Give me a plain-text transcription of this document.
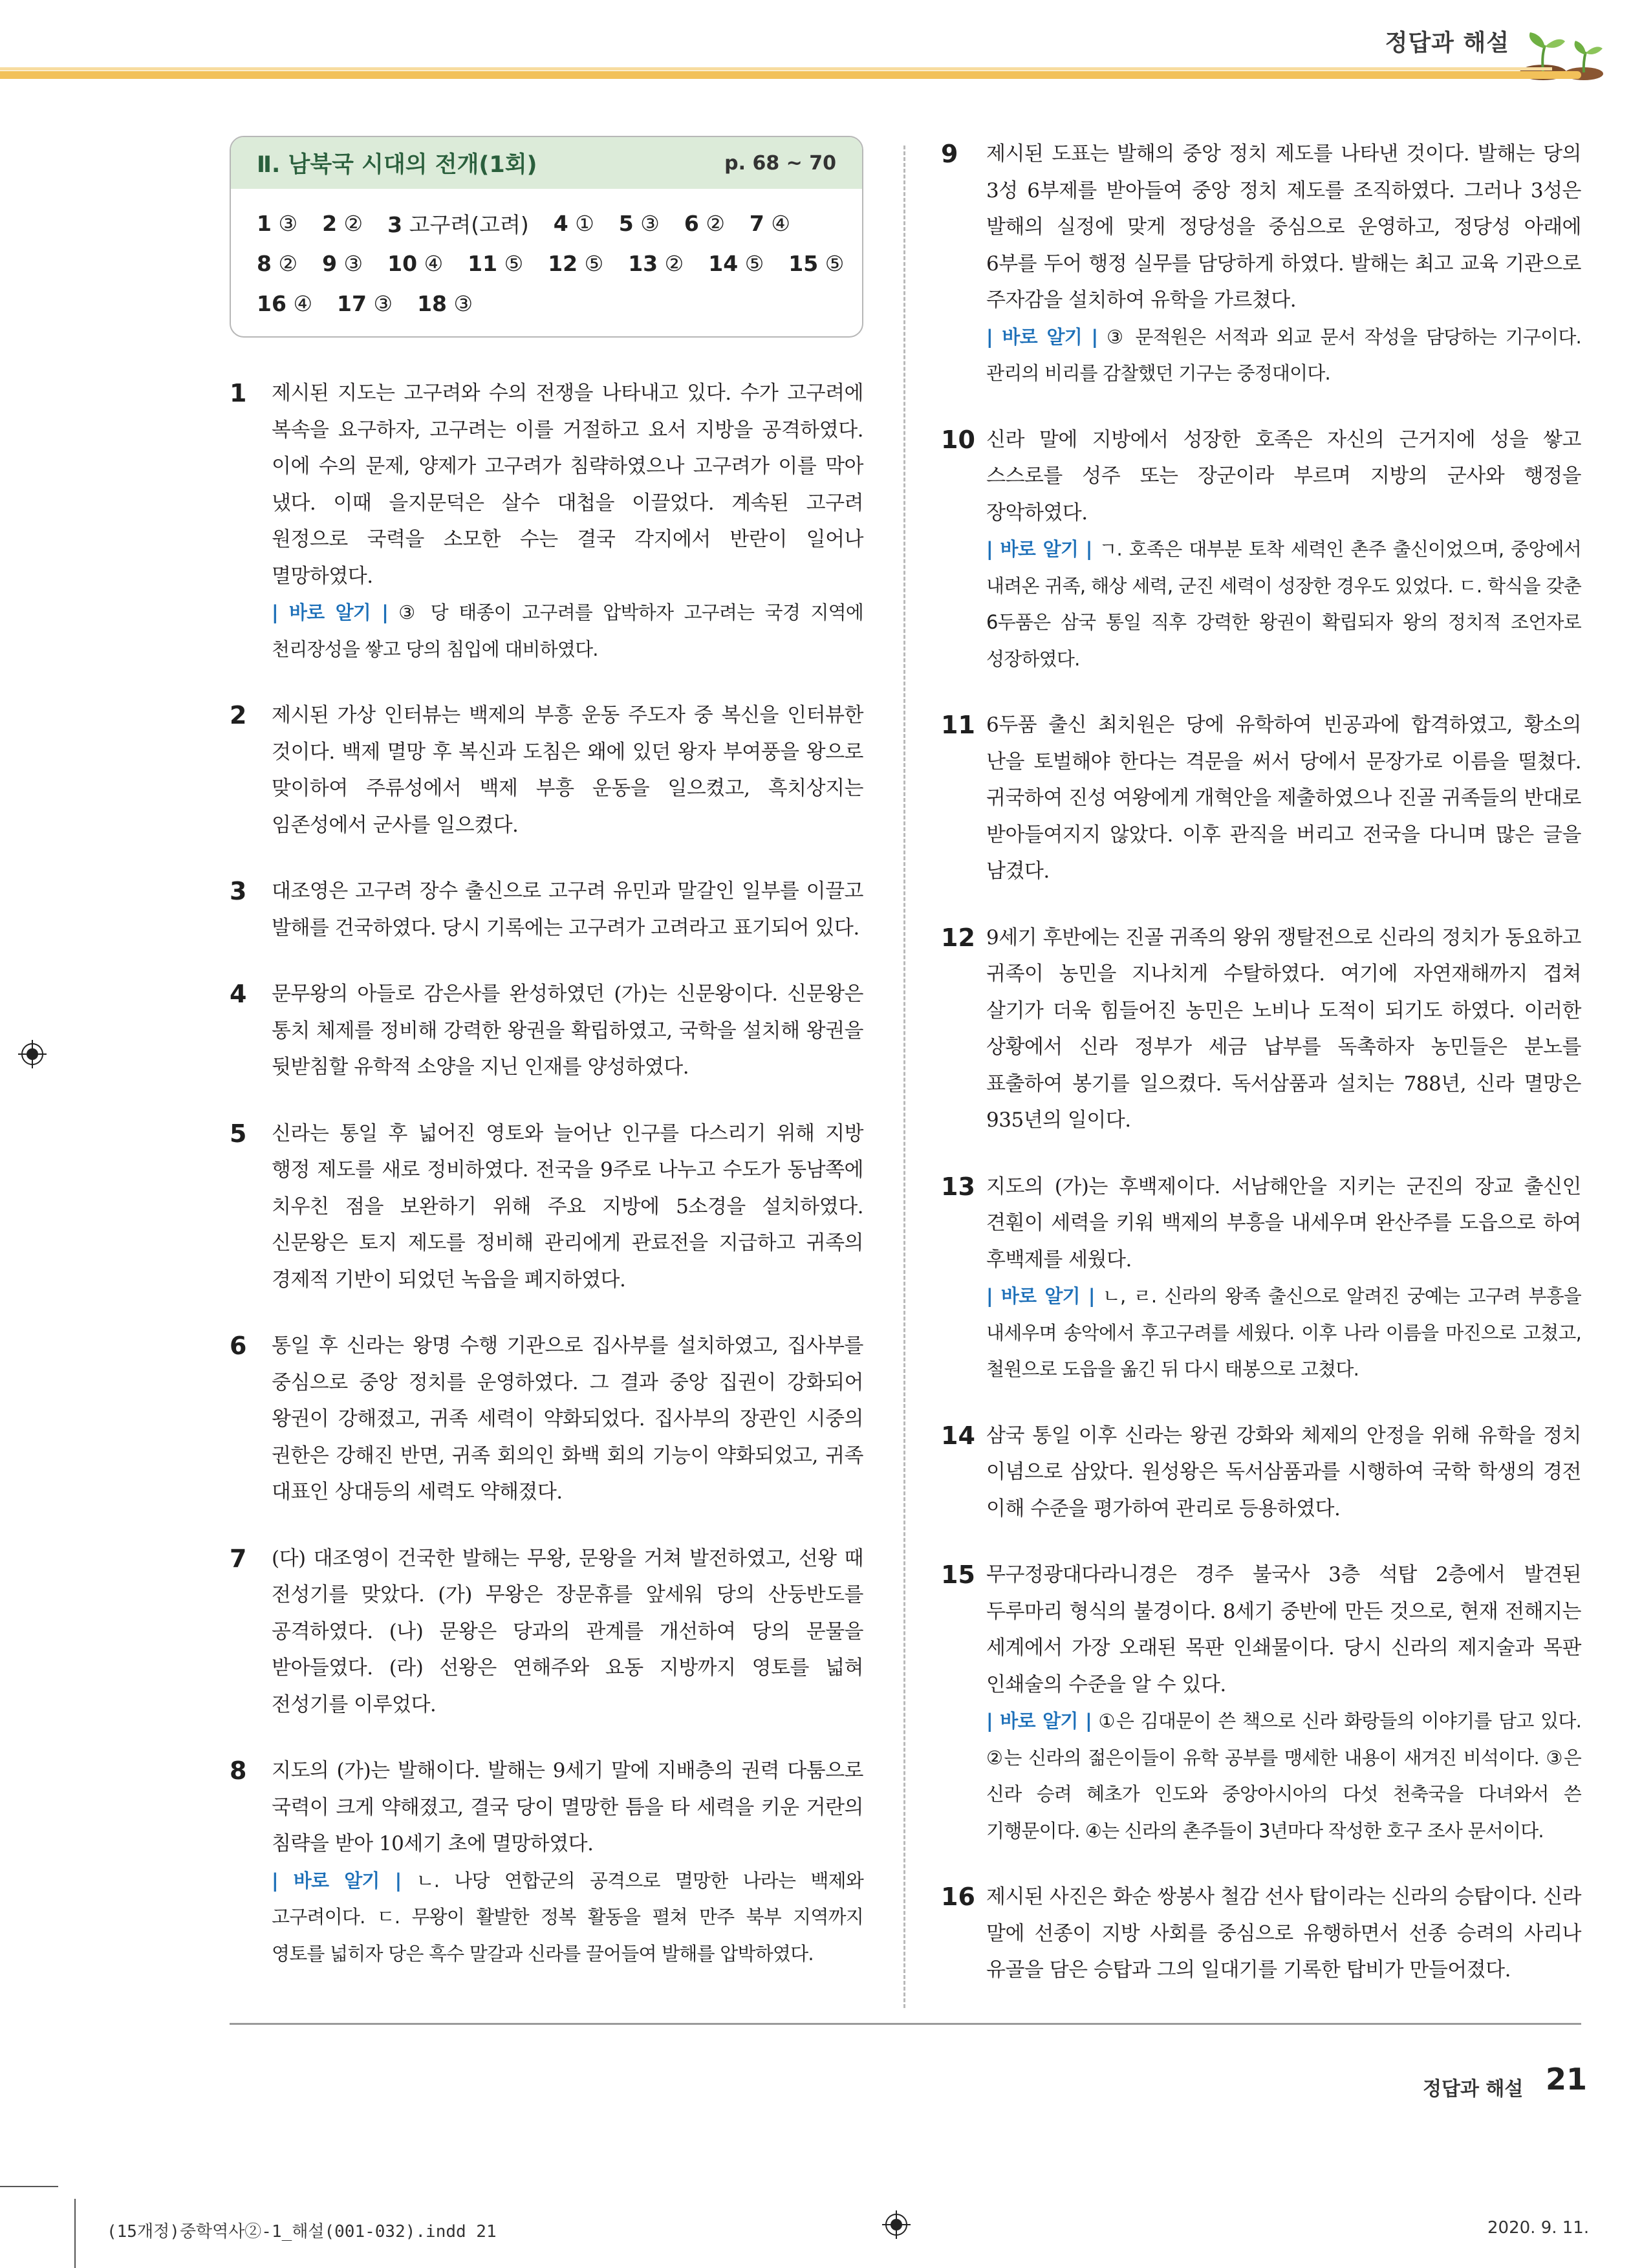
정답과 해설
Ⅱ. 남북국 시대의 전개(1회)	p. 68 ~ 70
1 ③ 2 ② 3 고구려(고려) 4 ① 5 ③ 6 ② 7 ④
8 ② 9 ③ 10 ④ 11 ⑤ 12 ⑤ 13 ② 14 ⑤ 15 ⑤
16 ④ 17 ③ 18 ③
1 제시된 지도는 고구려와 수의 전쟁을 나타내고 있다. 수가 고구려에 복속을 요구하자, 고구려는 이를 거절하고 요서 지방을 공격하였다. 이에 수의 문제, 양제가 고구려가 침략하였으나 고구려가 이를 막아 냈다. 이때 을지문덕은 살수 대첩을 이끌었다. 계속된 고구려 원정으로 국력을 소모한 수는 결국 각지에서 반란이 일어나 멸망하였다.

| 바로 알기 | ③ 당 태종이 고구려를 압박하자 고구려는 국경 지역에 천리장성을 쌓고 당의 침입에 대비하였다.

2 제시된 가상 인터뷰는 백제의 부흥 운동 주도자 중 복신을 인터뷰한 것이다. 백제 멸망 후 복신과 도침은 왜에 있던 왕자 부여풍을 왕으로 맞이하여 주류성에서 백제 부흥 운동을 일으켰고, 흑치상지는 임존성에서 군사를 일으켰다.

3 대조영은 고구려 장수 출신으로 고구려 유민과 말갈인 일부를 이끌고 발해를 건국하였다. 당시 기록에는 고구려가 고려라고 표기되어 있다.

4 문무왕의 아들로 감은사를 완성하였던 (가)는 신문왕이다. 신문왕은 통치 체제를 정비해 강력한 왕권을 확립하였고, 국학을 설치해 왕권을 뒷받침할 유학적 소양을 지닌 인재를 양성하였다.

5 신라는 통일 후 넓어진 영토와 늘어난 인구를 다스리기 위해 지방 행정 제도를 새로 정비하였다. 전국을 9주로 나누고 수도가 동남쪽에 치우친 점을 보완하기 위해 주요 지방에 5소경을 설치하였다. 신문왕은 토지 제도를 정비해 관리에게 관료전을 지급하고 귀족의 경제적 기반이 되었던 녹읍을 폐지하였다.

6 통일 후 신라는 왕명 수행 기관으로 집사부를 설치하였고, 집사부를 중심으로 중앙 정치를 운영하였다. 그 결과 중앙 집권이 강화되어 왕권이 강해졌고, 귀족 세력이 약화되었다. 집사부의 장관인 시중의 권한은 강해진 반면, 귀족 회의인 화백 회의 기능이 약화되었고, 귀족 대표인 상대등의 세력도 약해졌다.

7 (다) 대조영이 건국한 발해는 무왕, 문왕을 거쳐 발전하였고, 선왕 때 전성기를 맞았다. (가) 무왕은 장문휴를 앞세워 당의 산둥반도를 공격하였다. (나) 문왕은 당과의 관계를 개선하여 당의 문물을 받아들였다. (라) 선왕은 연해주와 요동 지방까지 영토를 넓혀 전성기를 이루었다.

8 지도의 (가)는 발해이다. 발해는 9세기 말에 지배층의 권력 다툼으로 국력이 크게 약해졌고, 결국 당이 멸망한 틈을 타 세력을 키운 거란의 침략을 받아 10세기 초에 멸망하였다.

| 바로 알기 | ㄴ. 나당 연합군의 공격으로 멸망한 나라는 백제와 고구려이다. ㄷ. 무왕이 활발한 정복 활동을 펼쳐 만주 북부 지역까지 영토를 넓히자 당은 흑수 말갈과 신라를 끌어들여 발해를 압박하였다.

9 제시된 도표는 발해의 중앙 정치 제도를 나타낸 것이다. 발해는 당의 3성 6부제를 받아들여 중앙 정치 제도를 조직하였다. 그러나 3성은 발해의 실정에 맞게 정당성을 중심으로 운영하고, 정당성 아래에 6부를 두어 행정 실무를 담당하게 하였다. 발해는 최고 교육 기관으로 주자감을 설치하여 유학을 가르쳤다.

| 바로 알기 | ③ 문적원은 서적과 외교 문서 작성을 담당하는 기구이다. 관리의 비리를 감찰했던 기구는 중정대이다.

10 신라 말에 지방에서 성장한 호족은 자신의 근거지에 성을 쌓고 스스로를 성주 또는 장군이라 부르며 지방의 군사와 행정을 장악하였다.

| 바로 알기 | ㄱ. 호족은 대부분 토착 세력인 촌주 출신이었으며, 중앙에서 내려온 귀족, 해상 세력, 군진 세력이 성장한 경우도 있었다. ㄷ. 학식을 갖춘 6두품은 삼국 통일 직후 강력한 왕권이 확립되자 왕의 정치적 조언자로 성장하였다.

11 6두품 출신 최치원은 당에 유학하여 빈공과에 합격하였고, 황소의 난을 토벌해야 한다는 격문을 써서 당에서 문장가로 이름을 떨쳤다. 귀국하여 진성 여왕에게 개혁안을 제출하였으나 진골 귀족들의 반대로 받아들여지지 않았다. 이후 관직을 버리고 전국을 다니며 많은 글을 남겼다.

12 9세기 후반에는 진골 귀족의 왕위 쟁탈전으로 신라의 정치가 동요하고 귀족이 농민을 지나치게 수탈하였다. 여기에 자연재해까지 겹쳐 살기가 더욱 힘들어진 농민은 노비나 도적이 되기도 하였다. 이러한 상황에서 신라 정부가 세금 납부를 독촉하자 농민들은 분노를 표출하여 봉기를 일으켰다. 독서삼품과 설치는 788년, 신라 멸망은 935년의 일이다.

13 지도의 (가)는 후백제이다. 서남해안을 지키는 군진의 장교 출신인 견훤이 세력을 키워 백제의 부흥을 내세우며 완산주를 도읍으로 하여 후백제를 세웠다.

| 바로 알기 | ㄴ, ㄹ. 신라의 왕족 출신으로 알려진 궁예는 고구려 부흥을 내세우며 송악에서 후고구려를 세웠다. 이후 나라 이름을 마진으로 고쳤고, 철원으로 도읍을 옮긴 뒤 다시 태봉으로 고쳤다.

14 삼국 통일 이후 신라는 왕권 강화와 체제의 안정을 위해 유학을 정치 이념으로 삼았다. 원성왕은 독서삼품과를 시행하여 국학 학생의 경전 이해 수준을 평가하여 관리로 등용하였다.

15 무구정광대다라니경은 경주 불국사 3층 석탑 2층에서 발견된 두루마리 형식의 불경이다. 8세기 중반에 만든 것으로, 현재 전해지는 세계에서 가장 오래된 목판 인쇄물이다. 당시 신라의 제지술과 목판 인쇄술의 수준을 알 수 있다.

| 바로 알기 | ①은 김대문이 쓴 책으로 신라 화랑들의 이야기를 담고 있다. ②는 신라의 젊은이들이 유학 공부를 맹세한 내용이 새겨진 비석이다. ③은 신라 승려 혜초가 인도와 중앙아시아의 다섯 천축국을 다녀와서 쓴 기행문이다. ④는 신라의 촌주들이 3년마다 작성한 호구 조사 문서이다.

16 제시된 사진은 화순 쌍봉사 철감 선사 탑이라는 신라의 승탑이다. 신라 말에 선종이 지방 사회를 중심으로 유행하면서 선종 승려의 사리나 유골을 담은 승탑과 그의 일대기를 기록한 탑비가 만들어졌다.

정답과 해설 21
(15개정)중학역사②-1_해설(001-032).indd 21	2020. 9. 11.
